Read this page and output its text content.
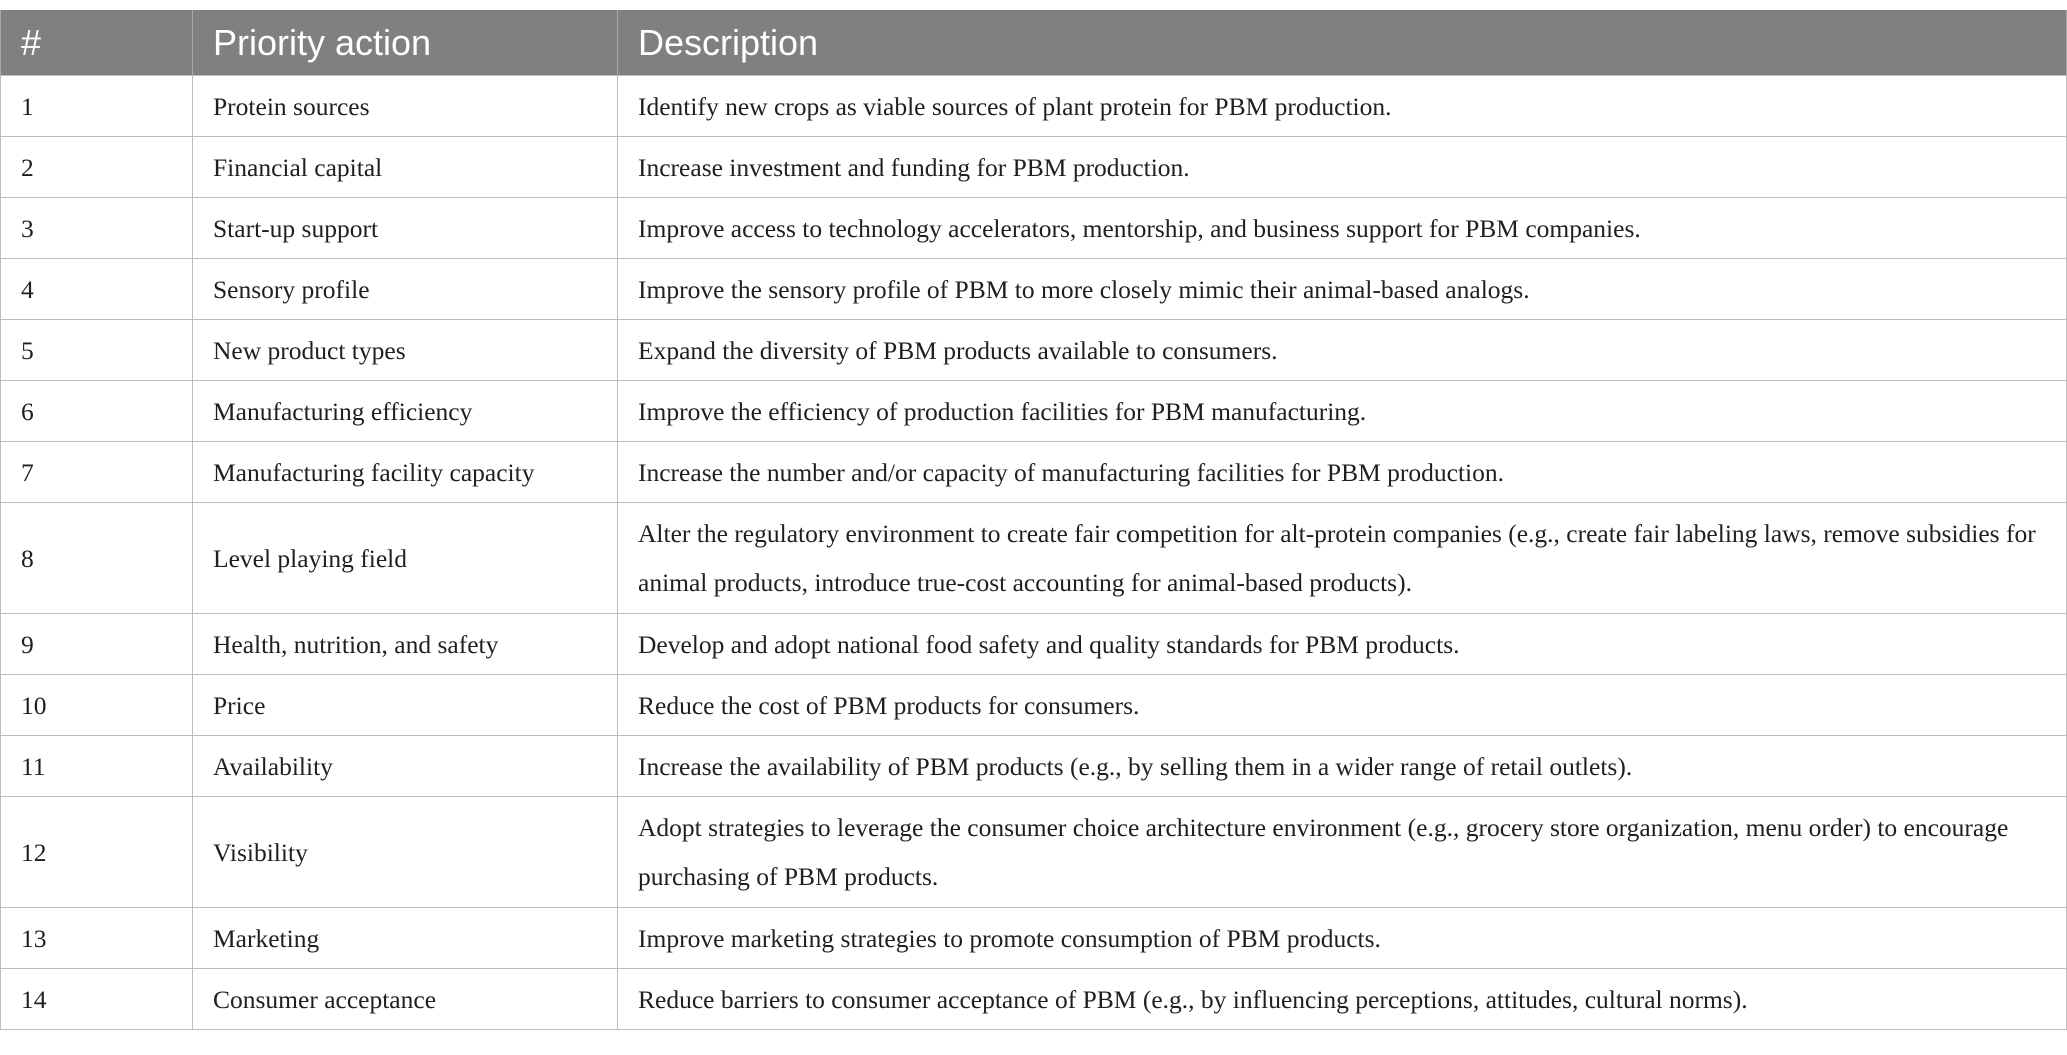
#	Priority action	Description
1	Protein sources	Identify new crops as viable sources of plant protein for PBM production.
2	Financial capital	Increase investment and funding for PBM production.
3	Start-up support	Improve access to technology accelerators, mentorship, and business support for PBM companies.
4	Sensory profile	Improve the sensory profile of PBM to more closely mimic their animal-based analogs.
5	New product types	Expand the diversity of PBM products available to consumers.
6	Manufacturing efficiency	Improve the efficiency of production facilities for PBM manufacturing.
7	Manufacturing facility capacity	Increase the number and/or capacity of manufacturing facilities for PBM production.
8	Level playing field	Alter the regulatory environment to create fair competition for alt-protein companies (e.g., create fair labeling laws, remove subsidies for animal products, introduce true-cost accounting for animal-based products).
9	Health, nutrition, and safety	Develop and adopt national food safety and quality standards for PBM products.
10	Price	Reduce the cost of PBM products for consumers.
11	Availability	Increase the availability of PBM products (e.g., by selling them in a wider range of retail outlets).
12	Visibility	Adopt strategies to leverage the consumer choice architecture environment (e.g., grocery store organization, menu order) to encourage purchasing of PBM products.
13	Marketing	Improve marketing strategies to promote consumption of PBM products.
14	Consumer acceptance	Reduce barriers to consumer acceptance of PBM (e.g., by influencing perceptions, attitudes, cultural norms).
